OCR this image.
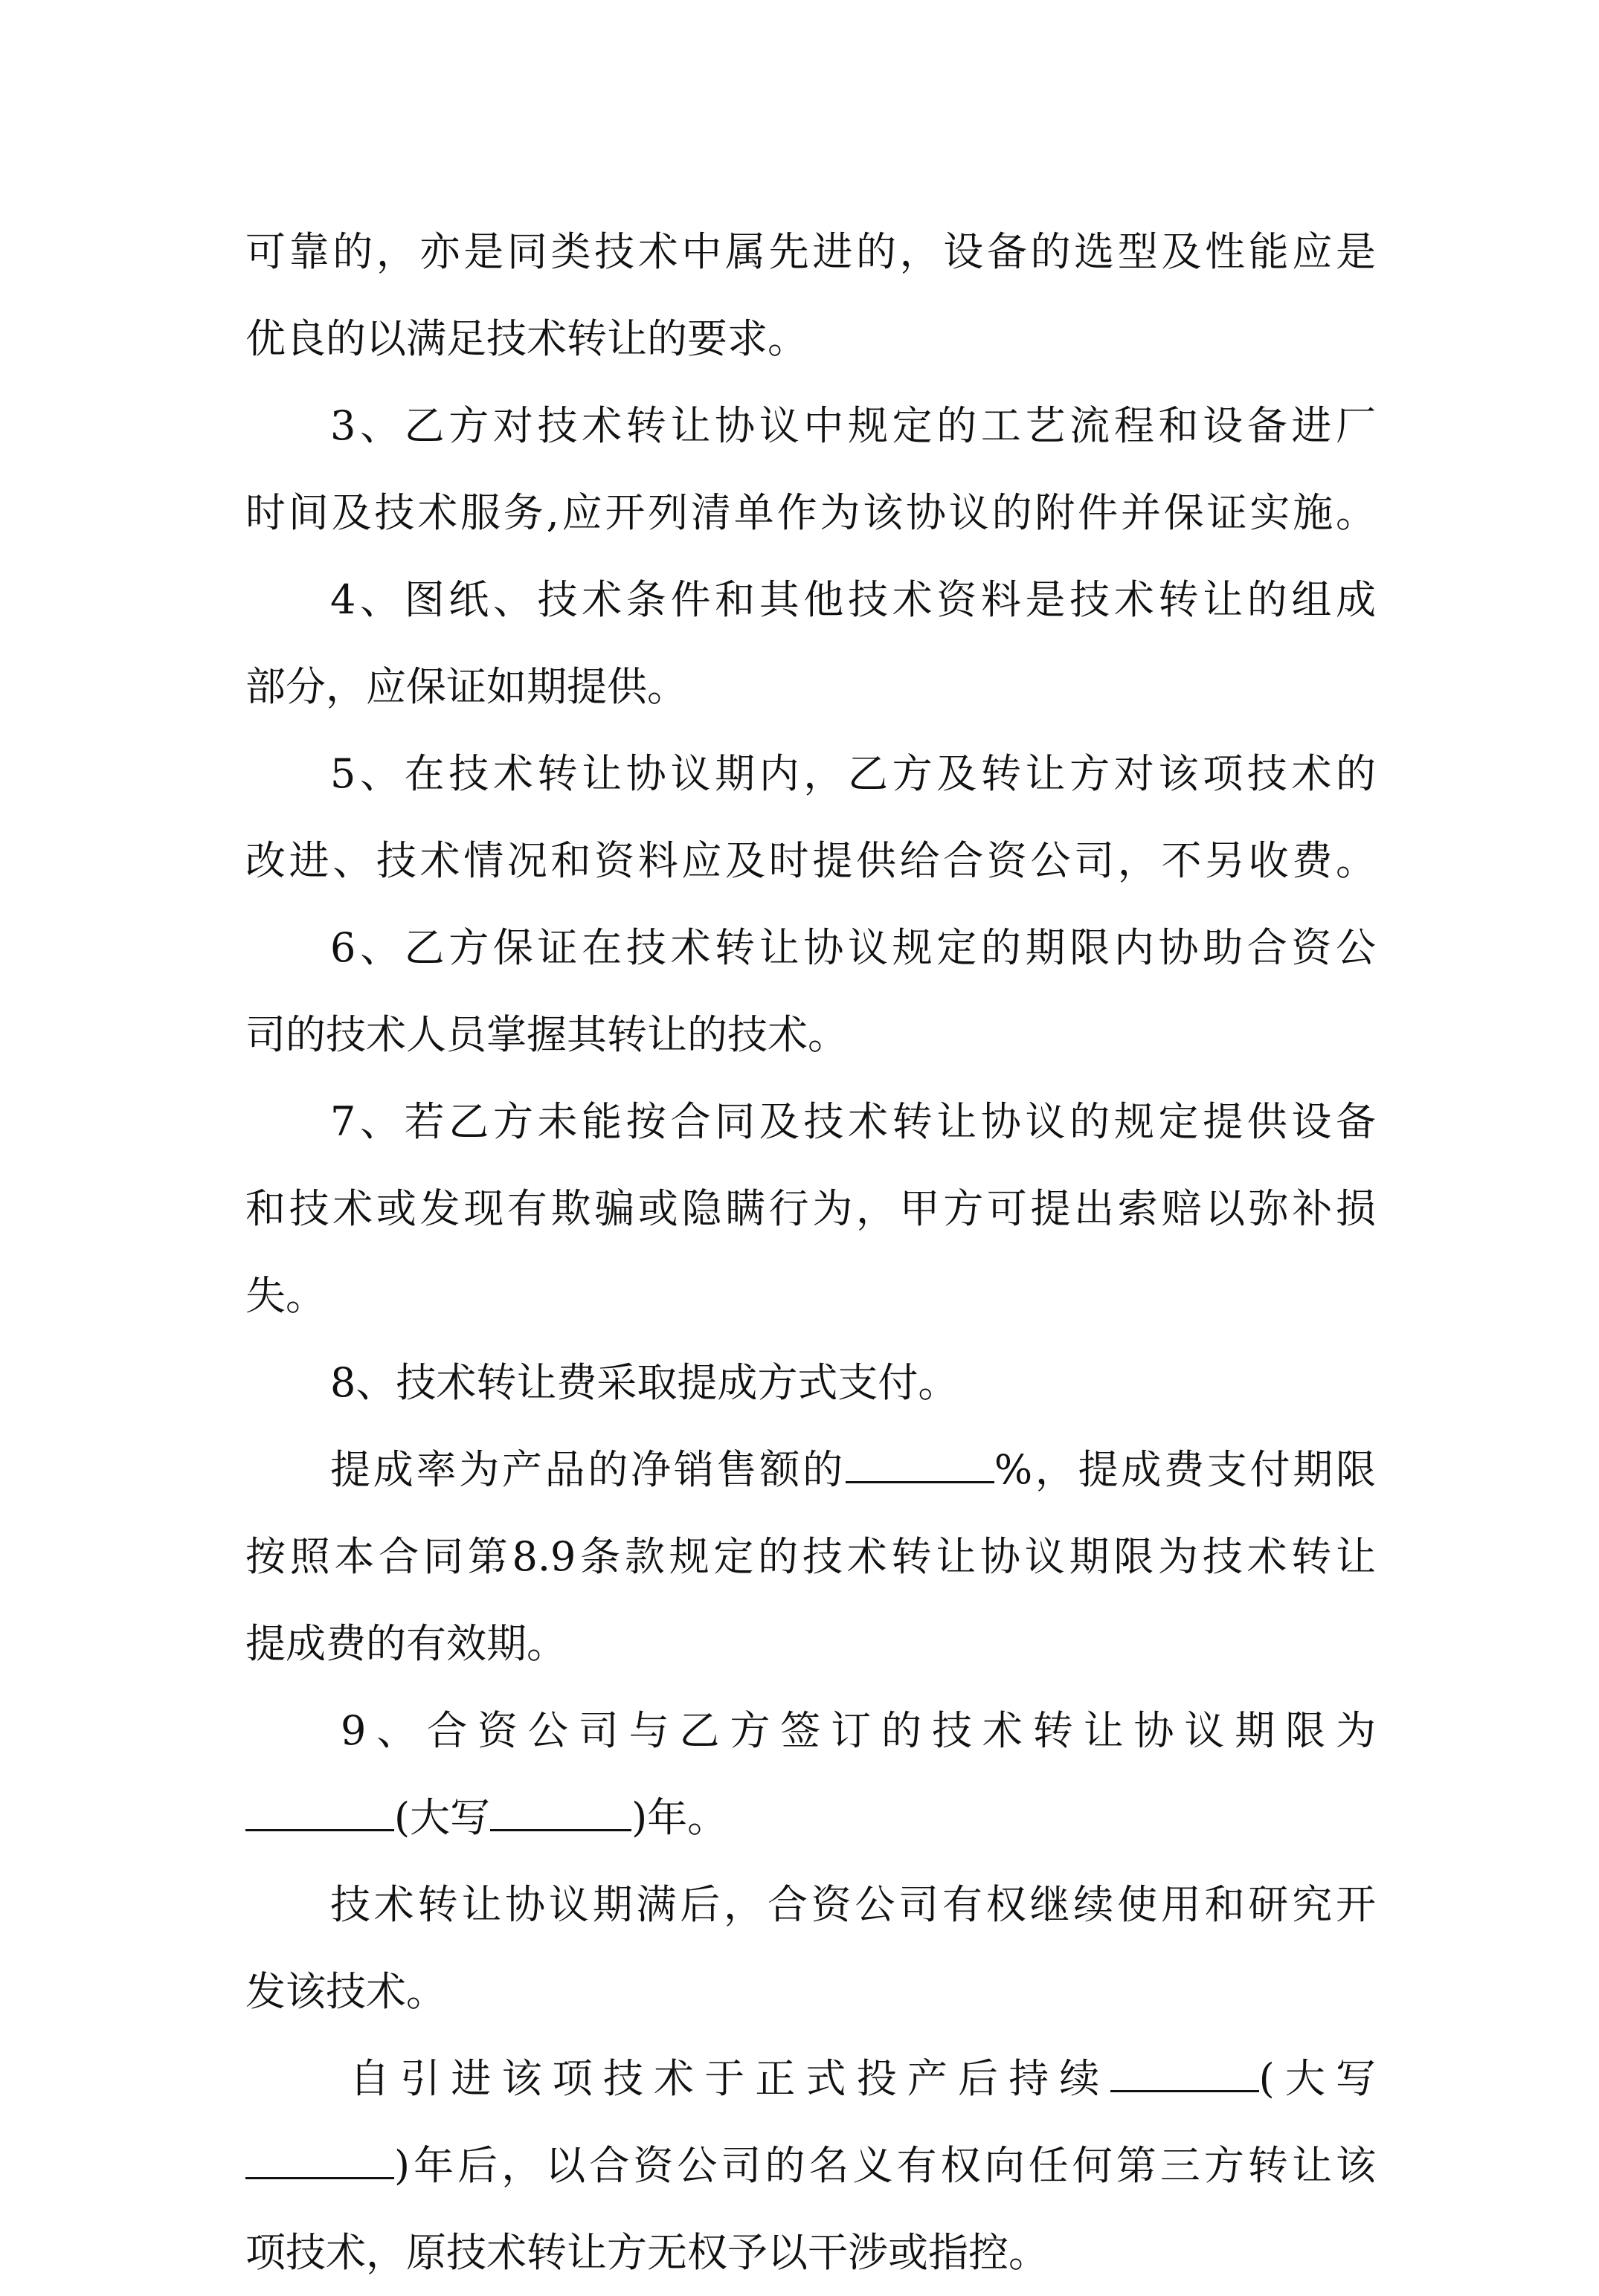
可靠的，亦是同类技术中属先进的，设备的选型及性能应是
优良的以满足技术转让的要求。
3、乙方对技术转让协议中规定的工艺流程和设备进厂
时间及技术服务,应开列清单作为该协议的附件并保证实施。
4、图纸、技术条件和其他技术资料是技术转让的组成
部分，应保证如期提供。
5、在技术转让协议期内，乙方及转让方对该项技术的
改进、技术情况和资料应及时提供给合资公司，不另收费。
6、乙方保证在技术转让协议规定的期限内协助合资公
司的技术人员掌握其转让的技术。
7、若乙方未能按合同及技术转让协议的规定提供设备
和技术或发现有欺骗或隐瞒行为，甲方可提出索赔以弥补损
失。
8、技术转让费采取提成方式支付。
提成率为产品的净销售额的	%，提成费支付期限
按照本合同第8.9条款规定的技术转让协议期限为技术转让
提成费的有效期。
9、合资公司与乙方签订的技术转让协议期限为
(大写	)年。
技术转让协议期满后，合资公司有权继续使用和研究开
发该技术。
自引进该项技术于正式投产后持续	(大写
)年后，以合资公司的名义有权向任何第三方转让该
项技术，原技术转让方无权予以干涉或指控。
